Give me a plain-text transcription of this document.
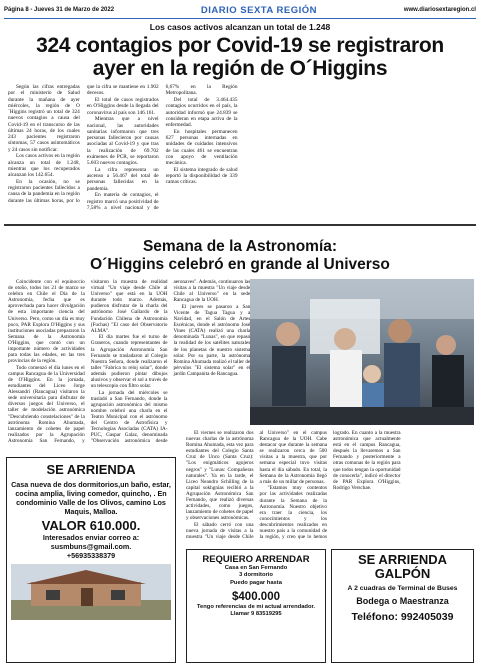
Página 8 - Jueves 31 de Marzo de 2022	DIARIO SEXTA REGIÓN	www.diariosextaregion.cl
Los casos activos alcanzan un total de 1.248
324 contagios por Covid-19 se registraron
ayer en la región de O´Higgins

Según las cifras entregadas por el ministerio de Salud durante la mañana de ayer miércoles, la región de O´Higgins registró un total de 324 nuevos contagios a causa del Covid-19 en el transcurso de las últimas 24 horas, de los cuales 243 pacientes registraron síntomas, 57 casos asintomáticos y 24 casos sin notificar.

Los casos activos en la región alcanza un total de 1.248, mientras que los recuperados alcanzan los 142.654.

En la ocasión, no se registraron pacientes fallecidos a causa de la pandemia en la región durante las últimas horas, por lo que la cifra se mantiene en 1.902 decesos.

El total de casos registrados en O'Higgins desde la llegada del coronavirus al país son 146.161.

Mientras que a nivel nacional, las autoridades sanitarias informaron que tres personas fallecieron por causas asociadas al Covid-19 y que tras la realización de 69.702 exámenes de PCR, se reportaron 5.603 nuevos contagios.

La cifra representa un ascenso a 56.467 del total de personas fallecidas en la pandemia.

En materia de contagios, el registro marcó una positividad de 7,58% a nivel nacional y de 6,67% en la Región Metropolitana.

Del total de 3.464.435 contagios ocurridos en el país, la autoridad informó que 24.839 se consideran en etapa activa de la enfermedad.

En hospitales permanecen 627 personas internadas en unidades de cuidados intensivos de las cuales 461 se encuentran con apoyo de ventilación mecánica.

El sistema integrado de salud reportó la disponibilidad de 339 camas críticas.

Semana de la Astronomía:
O´Higgins celebró en grande al Universo

Coincidente con el equinoccio de otoño, todos los 21 de marzo se celebra en Chile el Día de la Astronomía, fecha que es aprovechada para hacer divulgación de esta importante ciencia del Universo. Pero, como un día es muy poco, PAR Explora O'Higgins y sus instituciones asociadas prepararon la Semana de la Astronomía O'Higgins, que contó con un importante número de actividades para todas las edades, en las tres provincias de la región.

Todo comenzó el día lunes en el campus Rancagua de la Universidad de O'Higgins. En la jornada, estudiantes del Liceo Jorge Alessandri (Rancagua) visitaron la sede universitaria para disfrutar de diversos juegos del Universo, el taller de modelación astronómica "Descubriendo constelaciones" de la astrónoma Romina Ahumada, lanzamiento de cohetes de papel realizados por la Agrupación Astronomía San Fernando, y visitaron la muestra de realidad virtual "Un viaje desde Chile al Universo" que está en la UOH durante todo marzo. Además, pudieron disfrutar de la charla del astrónomo José Gallardo de la Fundación Chilena de Astronomía (Fuchas) "El caso del Observatorio ALMA".

El día martes fue el turno de Graneros, cuando representantes de la Agrupación Astronomía San Fernando se trasladaron al Colegio Nuestra Señora, donde realizaron el taller "Fabrica tu reloj solar", donde además pudieron pintar dibujos alusivos y observar el sol a través de un telescopio con filtro solar.

La jornada del miércoles se trasladó a San Fernando, donde la agrupación astronómica del mismo nombre celebró una charla en el Teatro Municipal con el astrónomo del Centro de Astrofísica y Tecnologías Asociadas (CATA) IA-PUC, Gaspar Galaz, denominada "Observación astronómica desde aeronaves". Además, continuaron las visitas a la muestra "Un viaje desde Chile al Universo" en la sede Rancagua de la UOH.

El jueves se pasaron a San Vicente de Tagua Tagua y a Navidad, en el Salón de Artes Escénicas, donde el astrónomo José Vines (CATA) realizó una charla denominada "Lunas", en que repasó la realidad de los satélites naturales de los planetas de nuestro sistema solar. Por su parte, la astrónoma Romina Ahumada realizó el taller de pérvulos "El sistema solar" en el jardín Campanita de Rancagua.

El viernes se realizaron dos nuevas charlas de la astrónoma Romina Ahumada, esta vez para estudiantes del Colegio Santa Cruz de Unco (Santa Cruz): "Los enigmáticos agujeros negros" y "Lunas: Compañeras naturales". Ya en la tarde, el Liceo Neandro Schilling de la capital sokhgnias recibió a la Agrupación Astronómica San Fernando, que realizó diversas actividades, como juegos, lanzamiento de cohetes de papel y observaciones astronómicas.

El sábado cerró con una nueva jornada de visitas a la muestra "Un viaje desde Chile al Universo" en el campus Rancagua de la UOH. Cabe destacar que durante la semana se realizaron cerca de 500 visitas a la muestra, que por semana especial tuvo visitas hasta el día sábado. En total, la Semana de la Astronomía llegó a más de un millar de personas.

"Estamos muy contentos por las actividades realizadas durante la Semana de la Astronomía. Nuestro objetivo era traer la ciencia, los conocimientos y los descubrimientos realizados en nuestro país a la comunidad de la región, y creo que lo hemos logrado. En cuanto a la muestra astronómica que actualmente está en el campus Rancagua, después la llevaremos a San Fernando y posteriormente a otras comunas de la región para que todos tengan la oportunidad de conocerla", indicó el director de PAR Explora O'Higgins, Rodrigo Verschae.

SE ARRIENDA
Casa nueva de dos dormitorios,un baño, estar, cocina amplia, living comedor, quincho, . En condominio Valle de los Olivos, camino Los Maquis, Malloa.
VALOR 610.000.
Interesados enviar correo a:
susmbuns@gmail.com.
+56935338379	REQUIERO ARRENDAR
Casa en San Fernando
3 dormitorio
Puedo pagar hasta
$400.000
Tengo referencias de mi actual arrendador.
Llamar 9 83519295
SE ARRIENDA
GALPÓN
A 2 cuadras de Terminal de Buses
Bodega o Maestranza
Teléfono: 992405039
